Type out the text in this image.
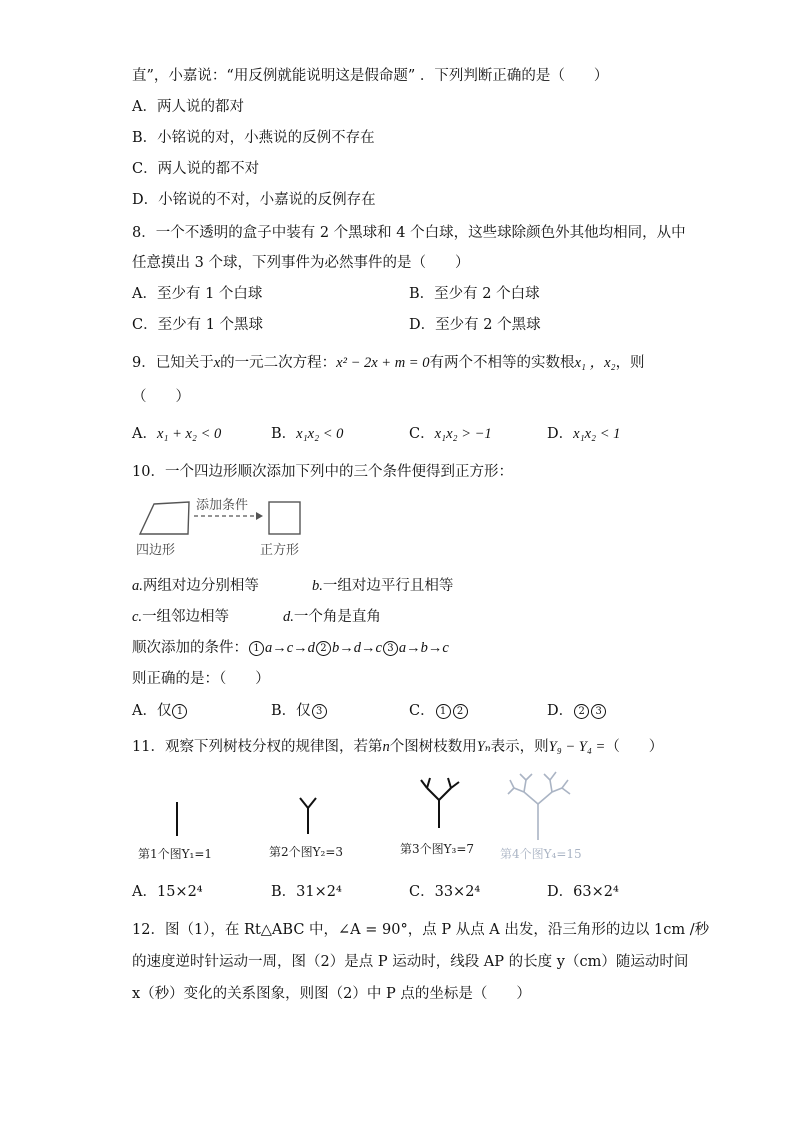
直”，小嘉说：“用反例就能说明这是假命题” ．下列判断正确的是（　　）
A．两人说的都对
B．小铭说的对，小燕说的反例不存在
C．两人说的都不对
D．小铭说的不对，小嘉说的反例存在
8．一个不透明的盒子中装有 2 个黑球和 4 个白球，这些球除颜色外其他均相同，从中
任意摸出 3 个球，下列事件为必然事件的是（　　）
A．至少有 1 个白球	B．至少有 2 个白球
C．至少有 1 个黑球	D．至少有 2 个黑球
9．已知关于x的一元二次方程：x² − 2x + m = 0有两个不相等的实数根x₁ ，x₂，则
（　　）
A．x₁ + x₂ < 0	B．x₁x₂ < 0	C．x₁x₂ > −1	D．x₁x₂ < 1
10．一个四边形顺次添加下列中的三个条件便得到正方形：
添加条件
四边形	正方形
a.两组对边分别相等	b.一组对边平行且相等
c.一组邻边相等	d.一个角是直角
顺次添加的条件： 1 a→c→d 2 b→d→c 3 a→b→c
则正确的是：（　　）
A．仅 1	B．仅 3	C． 1 2	D． 2 3
11．观察下列树枝分杈的规律图，若第n个图树枝数用Yₙ表示，则Y₉ − Y₄ =（　　）
第1个图Y₁=1	第2个图Y₂=3	第3个图Y₃=7 第4个图Y₄=15
A．15×2⁴	B．31×2⁴	C．33×2⁴	D．63×2⁴
12．图（1），在 Rt△ABC 中，∠A = 90°，点 P 从点 A 出发，沿三角形的边以 1cm /秒
的速度逆时针运动一周，图（2）是点 P 运动时，线段 AP 的长度 y（cm）随运动时间
x（秒）变化的关系图象，则图（2）中 P 点的坐标是（　　）
